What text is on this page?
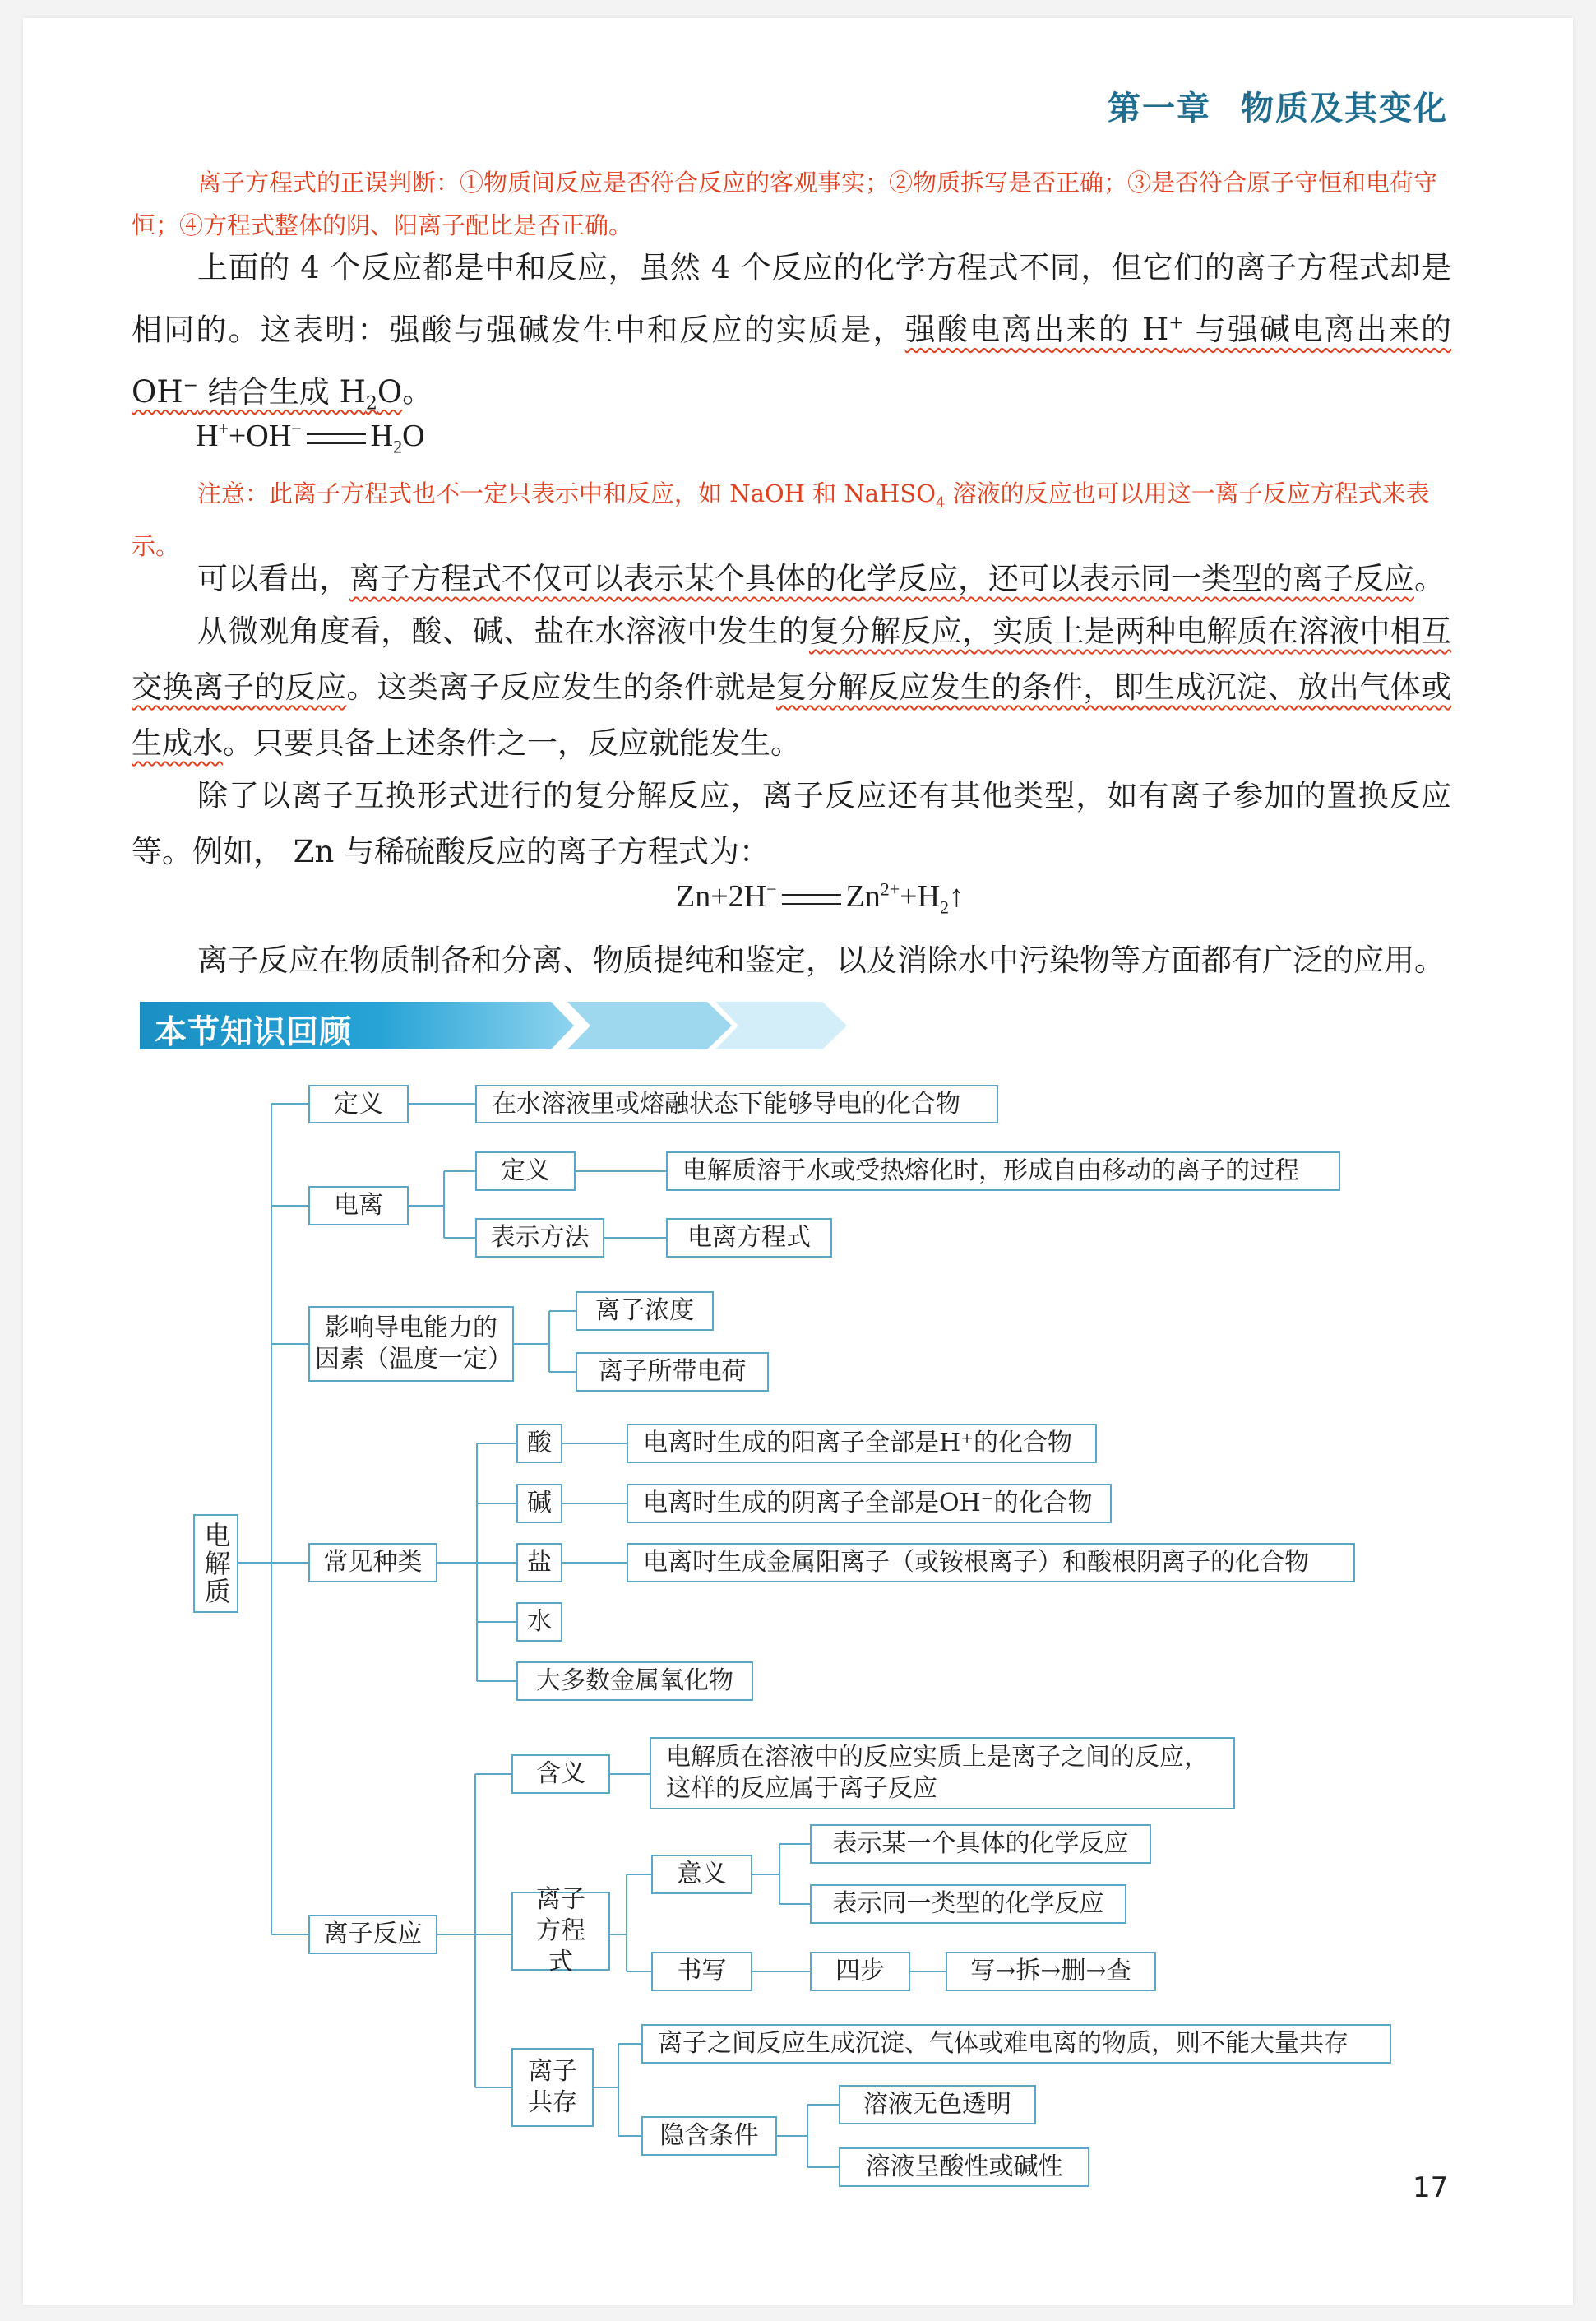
第一章 物质及其变化
离子方程式的正误判断：①物质间反应是否符合反应的客观事实；②物质拆写是否正确；③是否符合原子守恒和电荷守恒；④方程式整体的阴、阳离子配比是否正确。
上面的 4 个反应都是中和反应，虽然 4 个反应的化学方程式不同，但它们的离子方程式却是相同的。这表明：强酸与强碱发生中和反应的实质是，强酸电离出来的 H+ 与强碱电离出来的 OH− 结合生成 $H_2O$。
H++OH− $H_2O$
注意：此离子方程式也不一定只表示中和反应，如 NaOH 和 NaHSO$_4$ 溶液的反应也可以用这一离子反应方程式来表示。
可以看出，离子方程式不仅可以表示某个具体的化学反应，还可以表示同一类型的离子反应。
从微观角度看，酸、碱、盐在水溶液中发生的复分解反应，实质上是两种电解质在溶液中相互交换离子的反应。这类离子反应发生的条件就是复分解反应发生的条件，即生成沉淀、放出气体或生成水。只要具备上述条件之一，反应就能发生。
除了以离子互换形式进行的复分解反应，离子反应还有其他类型，如有离子参加的置换反应等。例如， Zn 与稀硫酸反应的离子方程式为：
Zn+2H− $Zn^{2+}+H_2↑$
离子反应在物质制备和分离、物质提纯和鉴定，以及消除水中污染物等方面都有广泛的应用。
本节知识回顾
电解质
定义	在水溶液里或熔融状态下能够导电的化合物
电离
定义	电解质溶于水或受热熔化时，形成自由移动的离子的过程
表示方法	电离方程式
影响导电能力的因素（温度一定）
离子浓度
离子所带电荷
常见种类
酸	电离时生成的阳离子全部是H⁺的化合物
碱	电离时生成的阴离子全部是OH⁻的化合物
盐	电离时生成金属阳离子（或铵根离子）和酸根阴离子的化合物
水
大多数金属氧化物
离子反应
含义
电解质在溶液中的反应实质上是离子之间的反应，这样的反应属于离子反应
离子方程式
意义
表示某一个具体的化学反应
表示同一类型的化学反应
书写	四步	写→拆→删→查
离子共存
离子之间反应生成沉淀、气体或难电离的物质，则不能大量共存
隐含条件
溶液无色透明
溶液呈酸性或碱性
17
